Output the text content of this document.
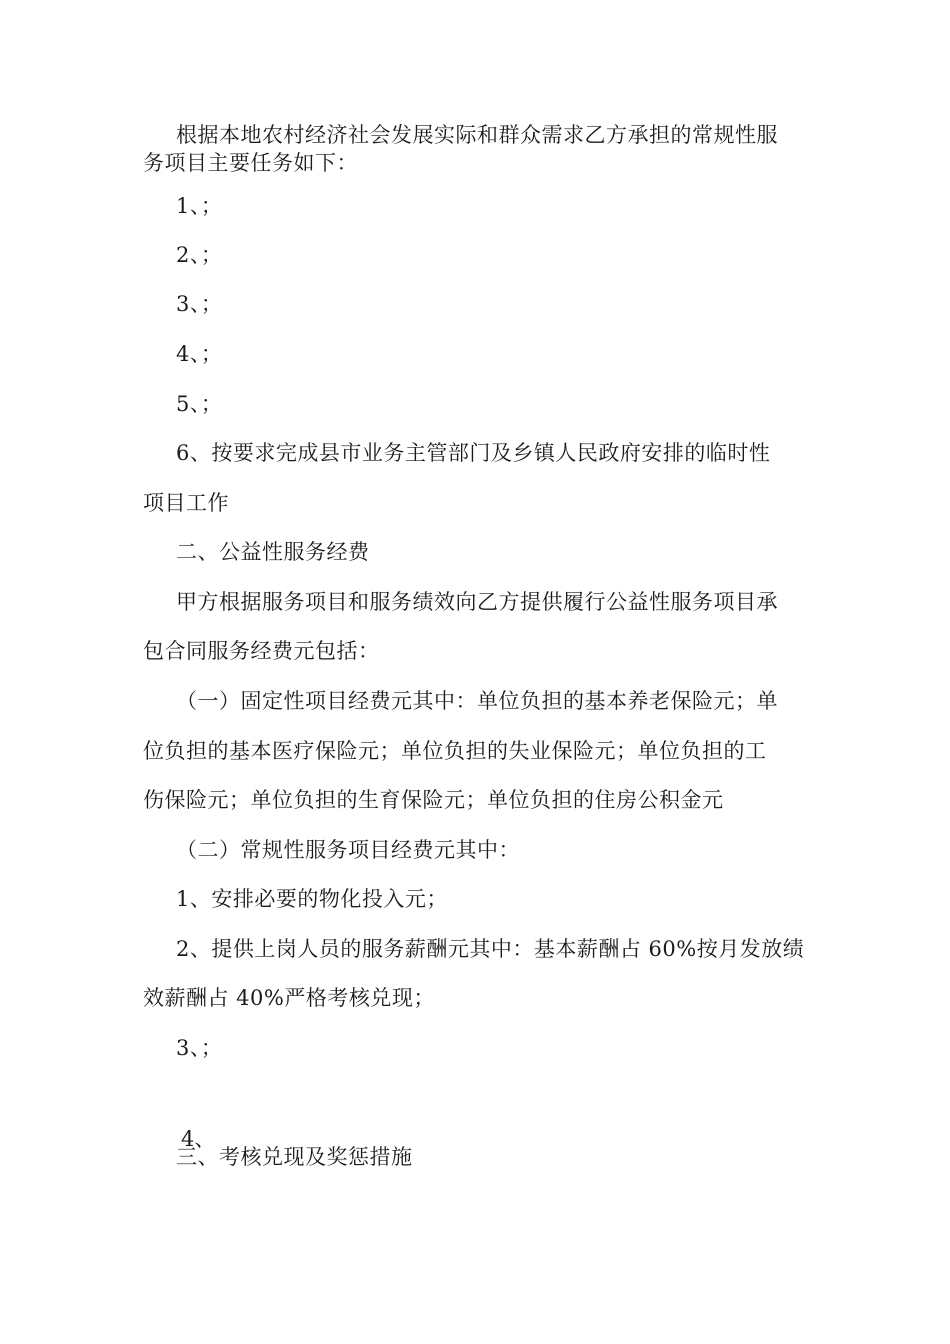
根据本地农村经济社会发展实际和群众需求乙方承担的常规性服
务项目主要任务如下：
1、；
2、；
3、；
4、；
5、；
6、按要求完成县市业务主管部门及乡镇人民政府安排的临时性
项目工作
二、公益性服务经费
甲方根据服务项目和服务绩效向乙方提供履行公益性服务项目承
包合同服务经费元包括：
（一）固定性项目经费元其中：单位负担的基本养老保险元；单
位负担的基本医疗保险元；单位负担的失业保险元；单位负担的工
伤保险元；单位负担的生育保险元；单位负担的住房公积金元
（二）常规性服务项目经费元其中：
1、安排必要的物化投入元；
2、提供上岗人员的服务薪酬元其中：基本薪酬占 60%按月发放绩
效薪酬占 40%严格考核兑现；
3、；
4、
三、考核兑现及奖惩措施
